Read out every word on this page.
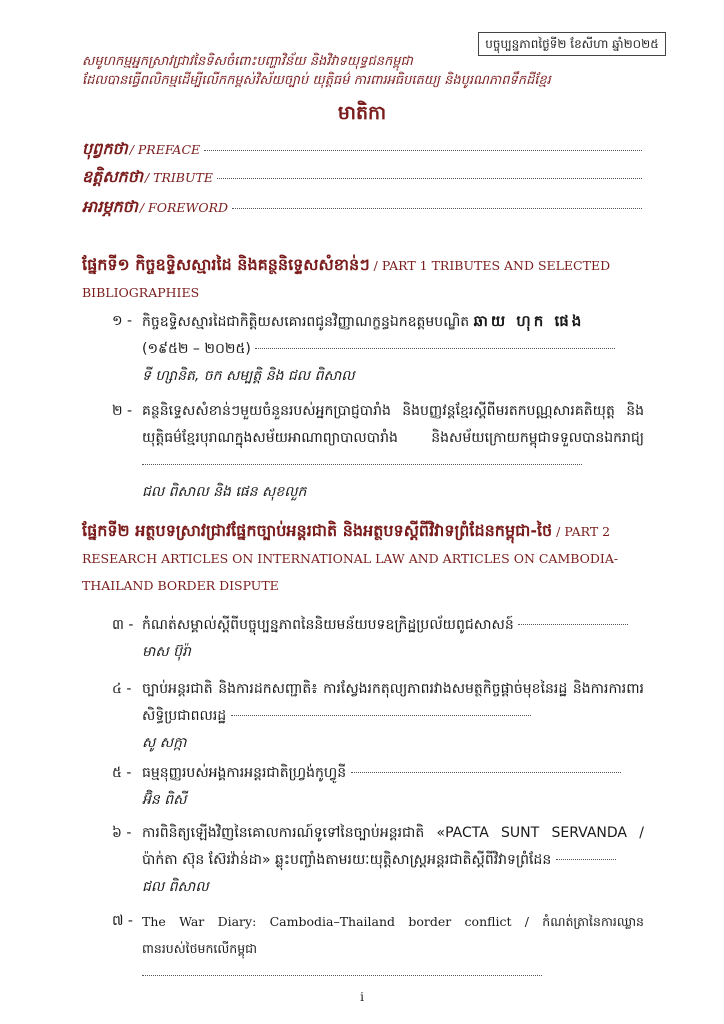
បច្ចុប្បន្នភាពថ្ងៃទី២ ខែសីហា ឆ្នាំ២០២៥
សមូហកម្មអ្នកស្រាវជ្រាវនៃទិសចំពោះបញ្ហាវិន័យ និងវិវាទយុទ្ធជនកម្ពុជា
ដែលបានធ្វើពលិកម្មដើម្បីលើកកម្ពស់វិស័យច្បាប់ យុត្តិធម៌ ការពារអធិបតេយ្យ និងបូរណភាពទឹកដីខ្មែរ
មាតិកា
បុព្វកថា / PREFACE
ឧត្តិសកថា / TRIBUTE
អារម្ភកថា / FOREWORD
ផ្នែកទី១ កិច្ចឧទ្ទិសស្មារដៃ និងគន្ថនិទ្ទេសសំខាន់ៗ / PART 1 TRIBUTES AND SELECTED BIBLIOGRAPHIES
១ - កិច្ចឧទ្ទិសស្មារដៃជាកិត្តិយសគោរពជូនវិញ្ញាណក្ខន្ធឯកឧត្តមបណ្ឌិត ឆាយ ហុក ផេង
(១៩៥២ – ២០២៥)
ទី ហ្សានិត, ចក សម្បត្តិ និង ជល ពិសាល
២ - គន្ថនិទ្ទេសសំខាន់ៗមួយចំនួនរបស់អ្នកប្រាជ្ញបារាំង និងបញ្ញវន្តខ្មែរស្តីពីមរតកបណ្ណសារគតិយុត្ត និងយុត្តិធម៌ខ្មែរបុរាណក្នុងសម័យអាណាព្យាបាលបារាំង និងសម័យក្រោយកម្ពុជាទទួលបានឯករាជ្យ
ជល ពិសាល និង ផេន សុខលួក
ផ្នែកទី២ អត្ថបទស្រាវជ្រាវផ្នែកច្បាប់អន្តរជាតិ និងអត្ថបទស្តីពីវិវាទព្រំដែនកម្ពុជា-ថៃ / PART 2 RESEARCH ARTICLES ON INTERNATIONAL LAW AND ARTICLES ON CAMBODIA-THAILAND BORDER DISPUTE
៣ - កំណត់សម្គាល់ស្តីពីបច្ចុប្បន្នភាពនៃនិយមន័យបទឧក្រិដ្ឋប្រល័យពូជសាសន៍
មាស ប៊ុរ៉ា
៤ - ច្បាប់អន្តរជាតិ និងការដកសញ្ជាតិ៖ ការស្វែងរកតុល្យភាពរវាងសមត្ថកិច្ចផ្តាច់មុខនៃរដ្ឋ និងការការពារសិទ្ធិប្រជាពលរដ្ឋ
សូ សក្កា
៥ - ធម្មនុញ្ញរបស់អង្គការអន្តរជាតិហ្វ្រង់កូហ្វូនី
អ៊ិន ពិសី
៦ - ការពិនិត្យឡើងវិញនៃគោលការណ៍ទូទៅនៃច្បាប់អន្តរជាតិ «PACTA SUNT SERVANDA / ប៉ាក់តា ស៊ុន ស៊ែរវ៉ាន់ដា» ឆ្លុះបញ្ចាំងតាមរយៈយុត្តិសាស្ត្រអន្តរជាតិស្តីពីវិវាទព្រំដែន
ជល ពិសាល
៧ - The War Diary: Cambodia–Thailand border conflict / កំណត់ត្រានៃការឈ្លានពានរបស់ថៃមកលើកម្ពុជា
i
